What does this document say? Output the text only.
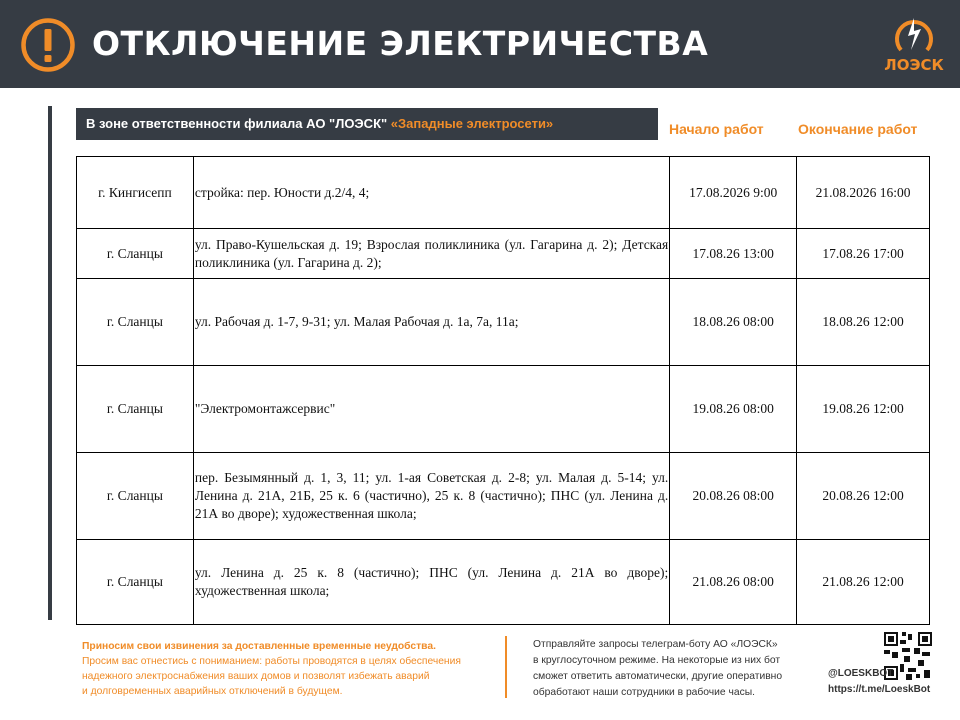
ОТКЛЮЧЕНИЕ ЭЛЕКТРИЧЕСТВА
ЛОЭСК
В зоне ответственности филиала АО "ЛОЭСК" «Западные электросети»	Начало работ Окончание работ
г. Кингисепп	стройка: пер. Юности д.2/4, 4;	17.08.2026 9:00	21.08.2026 16:00
г. Сланцы	ул. Право-Кушельская д. 19; Взрослая поликлиника (ул. Гагарина д. 2); Детская поликлиника (ул. Гагарина д. 2);	17.08.26 13:00	17.08.26 17:00
г. Сланцы	ул. Рабочая д. 1-7, 9-31; ул. Малая Рабочая д. 1а, 7а, 11а;	18.08.26 08:00	18.08.26 12:00
г. Сланцы	"Электромонтажсервис"	19.08.26 08:00	19.08.26 12:00
г. Сланцы	пер. Безымянный д. 1, 3, 11; ул. 1-ая Советская д. 2-8; ул. Малая д. 5-14; ул. Ленина д. 21А, 21Б, 25 к. 6 (частично), 25 к. 8 (частично); ПНС (ул. Ленина д. 21А во дворе); художественная школа;	20.08.26 08:00	20.08.26 12:00
г. Сланцы	ул. Ленина д. 25 к. 8 (частично); ПНС (ул. Ленина д. 21А во дворе); художественная школа;	21.08.26 08:00	21.08.26 12:00
Приносим свои извинения за доставленные временные неудобства.
Просим вас отнестись с пониманием: работы проводятся в целях обеспечения
надежного электроснабжения ваших домов и позволят избежать аварий
и долговременных аварийных отключений в будущем.
Отправляйте запросы телеграм-боту АО «ЛОЭСК»
в круглосуточном режиме. На некоторые из них бот
сможет ответить автоматически, другие оперативно
обработают наши сотрудники в рабочие часы.
@LOESKBOT
https://t.me/LoeskBot
